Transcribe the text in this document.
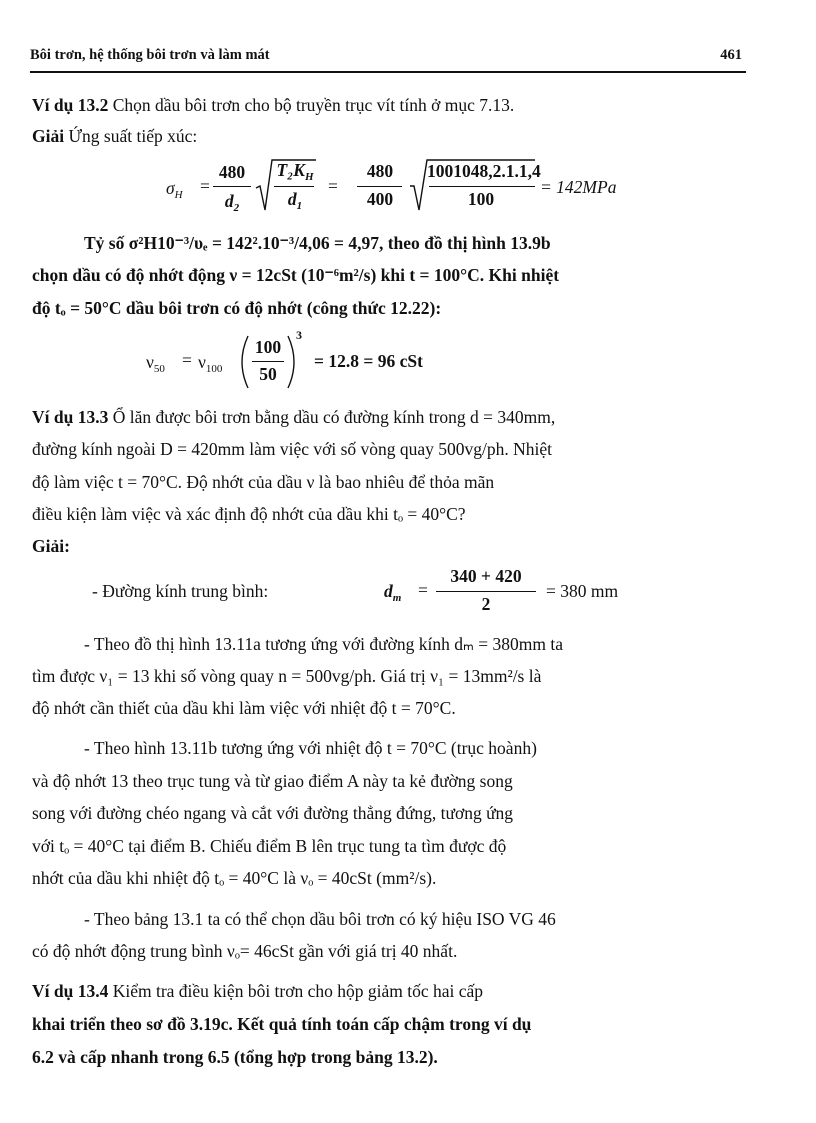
Bôi trơn, hệ thống bôi trơn và làm mát	461
Ví dụ 13.2 Chọn dầu bôi trơn cho bộ truyền trục vít tính ở mục 7.13.
Giải Ứng suất tiếp xúc:
$\sigma_H$ =
480
$d_2$
$T_2K_H$
$d_1$
=
480
400
1001048,2.1.1,4
100
= 142MPa
Tỷ số σ²H10⁻³/υₑ = 142².10⁻³/4,06 = 4,97, theo đồ thị hình 13.9b
chọn dầu có độ nhớt động ν = 12cSt (10⁻⁶m²/s) khi t = 100°C. Khi nhiệt
độ tₒ = 50°C dầu bôi trơn có độ nhớt (công thức 12.22):
$\nu_{50} = \nu_{100}$
100
50
3
= 12.8 = 96 cSt
Ví dụ 13.3 Ổ lăn được bôi trơn bằng dầu có đường kính trong d = 340mm,
đường kính ngoài D = 420mm làm việc với số vòng quay 500vg/ph. Nhiệt
độ làm việc t = 70°C. Độ nhớt của dầu ν là bao nhiêu để thỏa mãn
điều kiện làm việc và xác định độ nhớt của dầu khi tₒ = 40°C?
Giải:
- Đường kính trung bình:	$d_m$ =
340 + 420
2
= 380 mm
- Theo đồ thị hình 13.11a tương ứng với đường kính dₘ = 380mm ta
tìm được ν₁ = 13 khi số vòng quay n = 500vg/ph. Giá trị ν₁ = 13mm²/s là
độ nhớt cần thiết của dầu khi làm việc với nhiệt độ t = 70°C.
- Theo hình 13.11b tương ứng với nhiệt độ t = 70°C (trục hoành)
và độ nhớt 13 theo trục tung và từ giao điểm A này ta kẻ đường song
song với đường chéo ngang và cắt với đường thẳng đứng, tương ứng
với tₒ = 40°C tại điểm B. Chiếu điểm B lên trục tung ta tìm được độ
nhớt của dầu khi nhiệt độ tₒ = 40°C là νₒ = 40cSt (mm²/s).
- Theo bảng 13.1 ta có thể chọn dầu bôi trơn có ký hiệu ISO VG 46
có độ nhớt động trung bình νₒ= 46cSt gần với giá trị 40 nhất.
Ví dụ 13.4 Kiểm tra điều kiện bôi trơn cho hộp giảm tốc hai cấp
khai triển theo sơ đồ 3.19c. Kết quả tính toán cấp chậm trong ví dụ
6.2 và cấp nhanh trong 6.5 (tổng hợp trong bảng 13.2).
